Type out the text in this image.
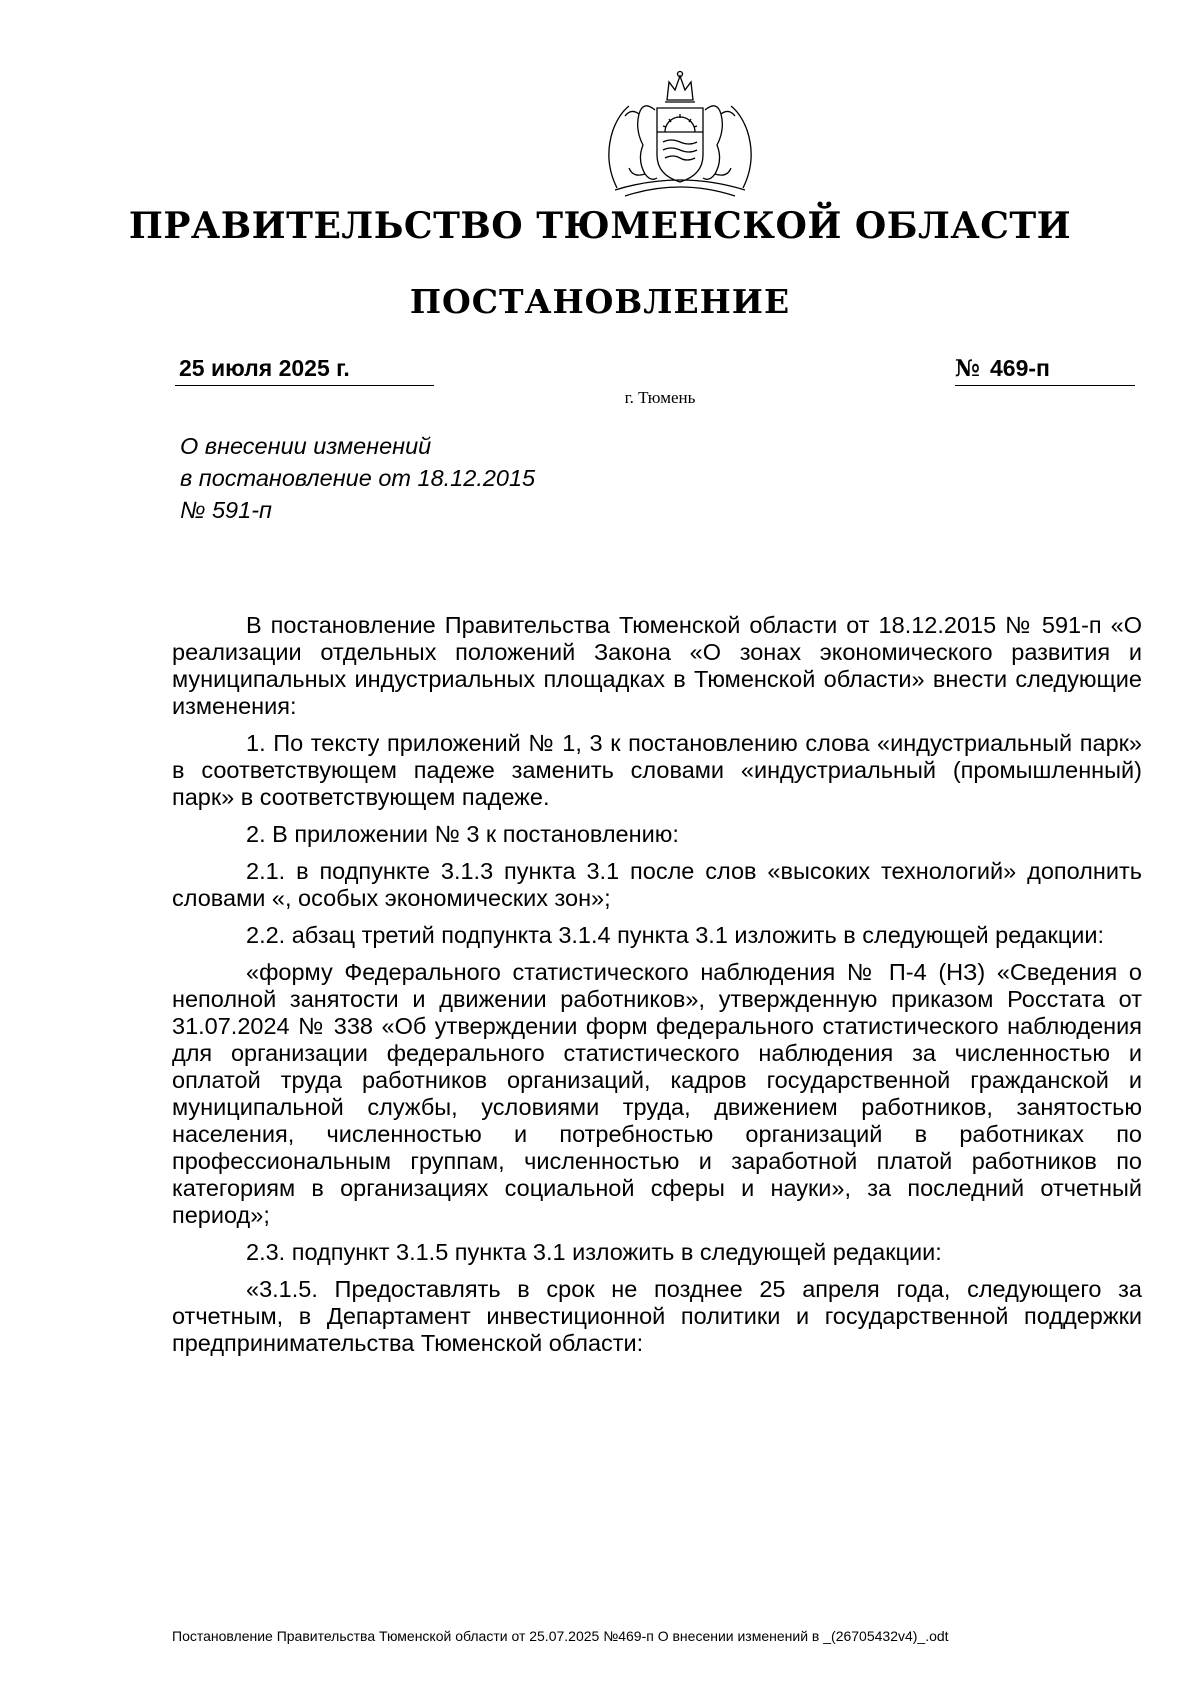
ПРАВИТЕЛЬСТВО ТЮМЕНСКОЙ ОБЛАСТИ
ПОСТАНОВЛЕНИЕ
25 июля 2025 г.	№ 469-п
г. Тюмень
О внесении изменений
в постановление от 18.12.2015
№ 591-п

В постановление Правительства Тюменской области от 18.12.2015 № 591-п «О реализации отдельных положений Закона «О зонах экономического развития и муниципальных индустриальных площадках в Тюменской области» внести следующие изменения:

1. По тексту приложений № 1, 3 к постановлению слова «индустриальный парк» в соответствующем падеже заменить словами «индустриальный (промышленный) парк» в соответствующем падеже.

2. В приложении № 3 к постановлению:

2.1. в подпункте 3.1.3 пункта 3.1 после слов «высоких технологий» дополнить словами «, особых экономических зон»;

2.2. абзац третий подпункта 3.1.4 пункта 3.1 изложить в следующей редакции:

«форму Федерального статистического наблюдения № П-4 (НЗ) «Сведения о неполной занятости и движении работников», утвержденную приказом Росстата от 31.07.2024 № 338 «Об утверждении форм федерального статистического наблюдения для организации федерального статистического наблюдения за численностью и оплатой труда работников организаций, кадров государственной гражданской и муниципальной службы, условиями труда, движением работников, занятостью населения, численностью и потребностью организаций в работниках по профессиональным группам, численностью и заработной платой работников по категориям в организациях социальной сферы и науки», за последний отчетный период»;

2.3. подпункт 3.1.5 пункта 3.1 изложить в следующей редакции:

«3.1.5. Предоставлять в срок не позднее 25 апреля года, следующего за отчетным, в Департамент инвестиционной политики и государственной поддержки предпринимательства Тюменской области:

Постановление Правительства Тюменской области от 25.07.2025 №469-п О внесении изменений в _(26705432v4)_.odt
